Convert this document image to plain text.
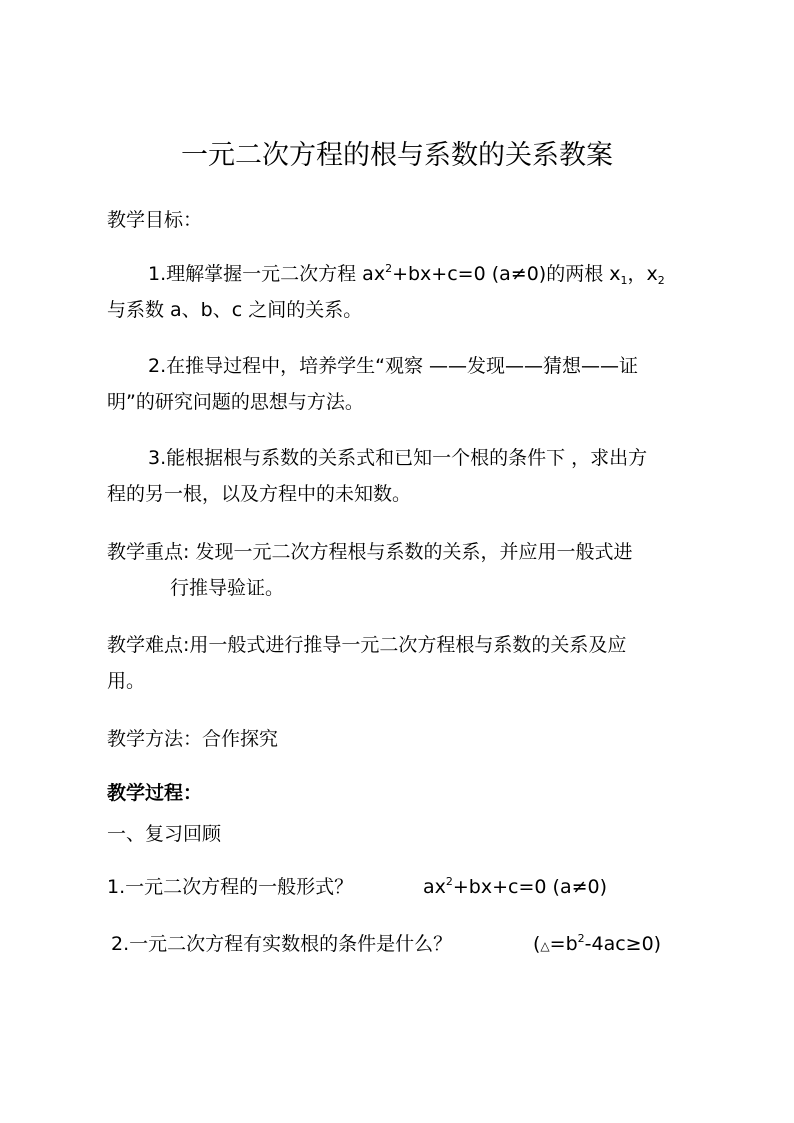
一元二次方程的根与系数的关系教案
教学目标：
1.理解掌握一元二次方程 $ax^2+bx+c=0$ (a≠0)的两根 $x_1$，$x_2$
与系数 a、b、c 之间的关系。
2.在推导过程中，培养学生“观察 ——发现——猜想——证
明”的研究问题的思想与方法。
3.能根据根与系数的关系式和已知一个根的条件下 ，求出方
程的另一根，以及方程中的未知数。
教学重点: 发现一元二次方程根与系数的关系，并应用一般式进
行推导验证。
教学难点:用一般式进行推导一元二次方程根与系数的关系及应
用。
教学方法：合作探究
教学过程：
一、复习回顾
1.一元二次方程的一般形式？	$ax^2+bx+c=0$ (a≠0)
2.一元二次方程有实数根的条件是什么？	$(\triangle=b^2-4ac\ge 0)$
